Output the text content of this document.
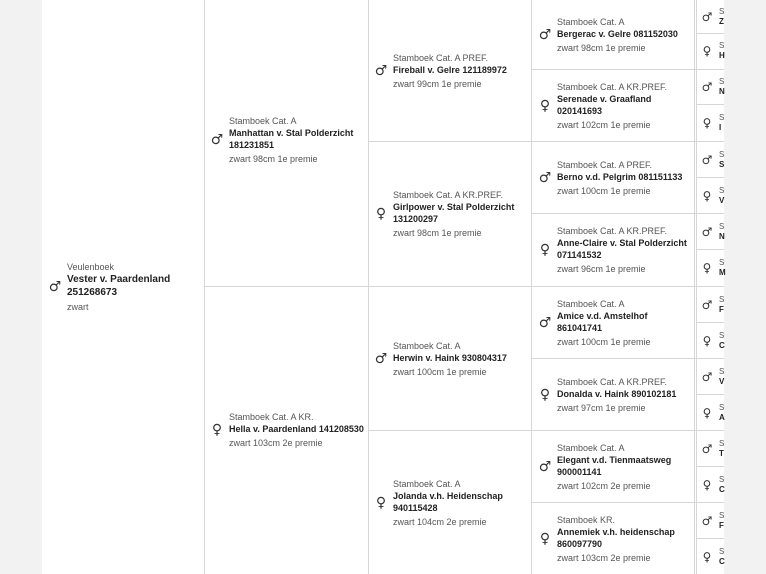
♂
Veulenboek
Vester v. Paardenland 251268673
zwart
♂
Stamboek Cat. A
Manhattan v. Stal Polderzicht 181231851
zwart 98cm 1e premie
♀
Stamboek Cat. A KR.
Hella v. Paardenland 141208530
zwart 103cm 2e premie
♂
Stamboek Cat. A PREF.
Fireball v. Gelre 121189972
zwart 99cm 1e premie
♀
Stamboek Cat. A KR.PREF.
Girlpower v. Stal Polderzicht 131200297
zwart 98cm 1e premie
♂
Stamboek Cat. A
Herwin v. Haink 930804317
zwart 100cm 1e premie
♀
Stamboek Cat. A
Jolanda v.h. Heidenschap 940115428
zwart 104cm 2e premie
♂
Stamboek Cat. A
Bergerac v. Gelre 081152030
zwart 98cm 1e premie
♀
Stamboek Cat. A KR.PREF.
Serenade v. Graafland 020141693
zwart 102cm 1e premie
♂
Stamboek Cat. A PREF.
Berno v.d. Pelgrim 081151133
zwart 100cm 1e premie
♀
Stamboek Cat. A KR.PREF.
Anne-Claire v. Stal Polderzicht 071141532
zwart 96cm 1e premie
♂
Stamboek Cat. A
Amice v.d. Amstelhof 861041741
zwart 100cm 1e premie
♀
Stamboek Cat. A KR.PREF.
Donalda v. Haink 890102181
zwart 97cm 1e premie
♂
Stamboek Cat. A
Elegant v.d. Tienmaatsweg 900001141
zwart 102cm 2e premie
♀
Stamboek KR.
Annemiek v.h. heidenschap 860097790
zwart 103cm 2e premie
♂ S
Z
♀ S
H
♂ S
N
♀ S
I
♂ S
S
♀ S
V
♂ S
N
♀ S
M
♂ S
F
♀ S
C
♂ S
V
♀ S
A
♂ S
T
♀ S
C
♂ S
F
♀ S
C
